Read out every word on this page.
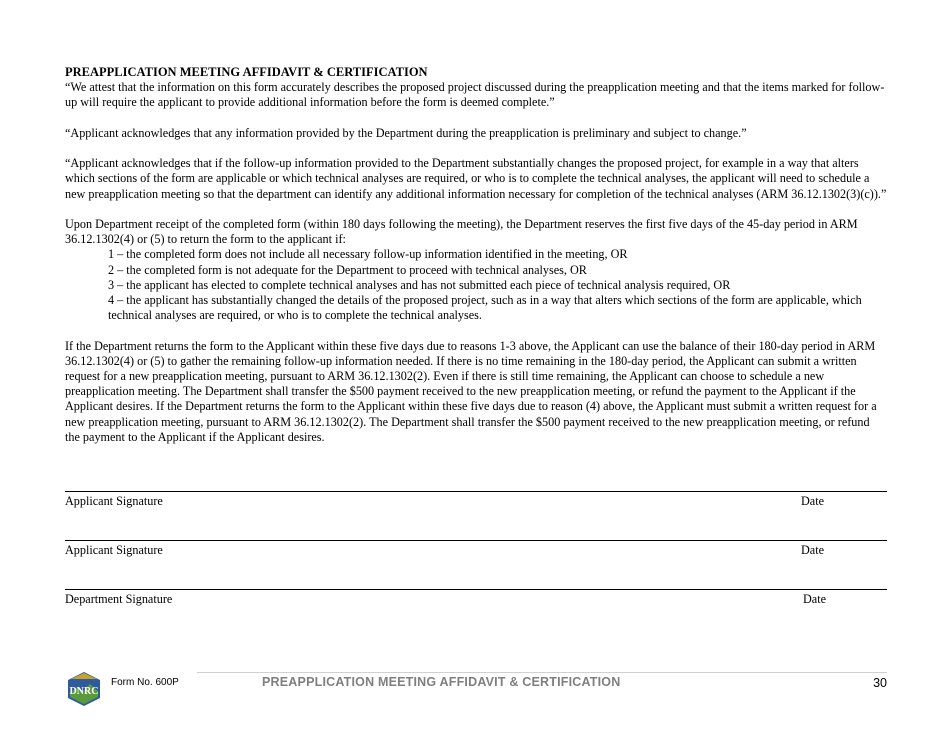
PREAPPLICATION MEETING AFFIDAVIT & CERTIFICATION

“We attest that the information on this form accurately describes the proposed project discussed during the preapplication meeting and that the items marked for follow-up will require the applicant to provide additional information before the form is deemed complete.”

“Applicant acknowledges that any information provided by the Department during the preapplication is preliminary and subject to change.”

“Applicant acknowledges that if the follow-up information provided to the Department substantially changes the proposed project, for example in a way that alters which sections of the form are applicable or which technical analyses are required, or who is to complete the technical analyses, the applicant will need to schedule a new preapplication meeting so that the department can identify any additional information necessary for completion of the technical analyses (ARM 36.12.1302(3)(c)).”

Upon Department receipt of the completed form (within 180 days following the meeting), the Department reserves the first five days of the 45-day period in ARM 36.12.1302(4) or (5) to return the form to the applicant if:

1 – the completed form does not include all necessary follow-up information identified in the meeting, OR
2 – the completed form is not adequate for the Department to proceed with technical analyses, OR
3 – the applicant has elected to complete technical analyses and has not submitted each piece of technical analysis required, OR
4 – the applicant has substantially changed the details of the proposed project, such as in a way that alters which sections of the form are applicable, which technical analyses are required, or who is to complete the technical analyses.

If the Department returns the form to the Applicant within these five days due to reasons 1-3 above, the Applicant can use the balance of their 180-day period in ARM 36.12.1302(4) or (5) to gather the remaining follow-up information needed. If there is no time remaining in the 180-day period, the Applicant can submit a written request for a new preapplication meeting, pursuant to ARM 36.12.1302(2). Even if there is still time remaining, the Applicant can choose to schedule a new preapplication meeting. The Department shall transfer the $500 payment received to the new preapplication meeting, or refund the payment to the Applicant if the Applicant desires. If the Department returns the form to the Applicant within these five days due to reason (4) above, the Applicant must submit a written request for a new preapplication meeting, pursuant to ARM 36.12.1302(2). The Department shall transfer the $500 payment received to the new preapplication meeting, or refund the payment to the Applicant if the Applicant desires.

Applicant Signature	Date
Applicant Signature	Date
Department Signature	Date
DNRC
Form No. 600P	PREAPPLICATION MEETING AFFIDAVIT & CERTIFICATION	30
